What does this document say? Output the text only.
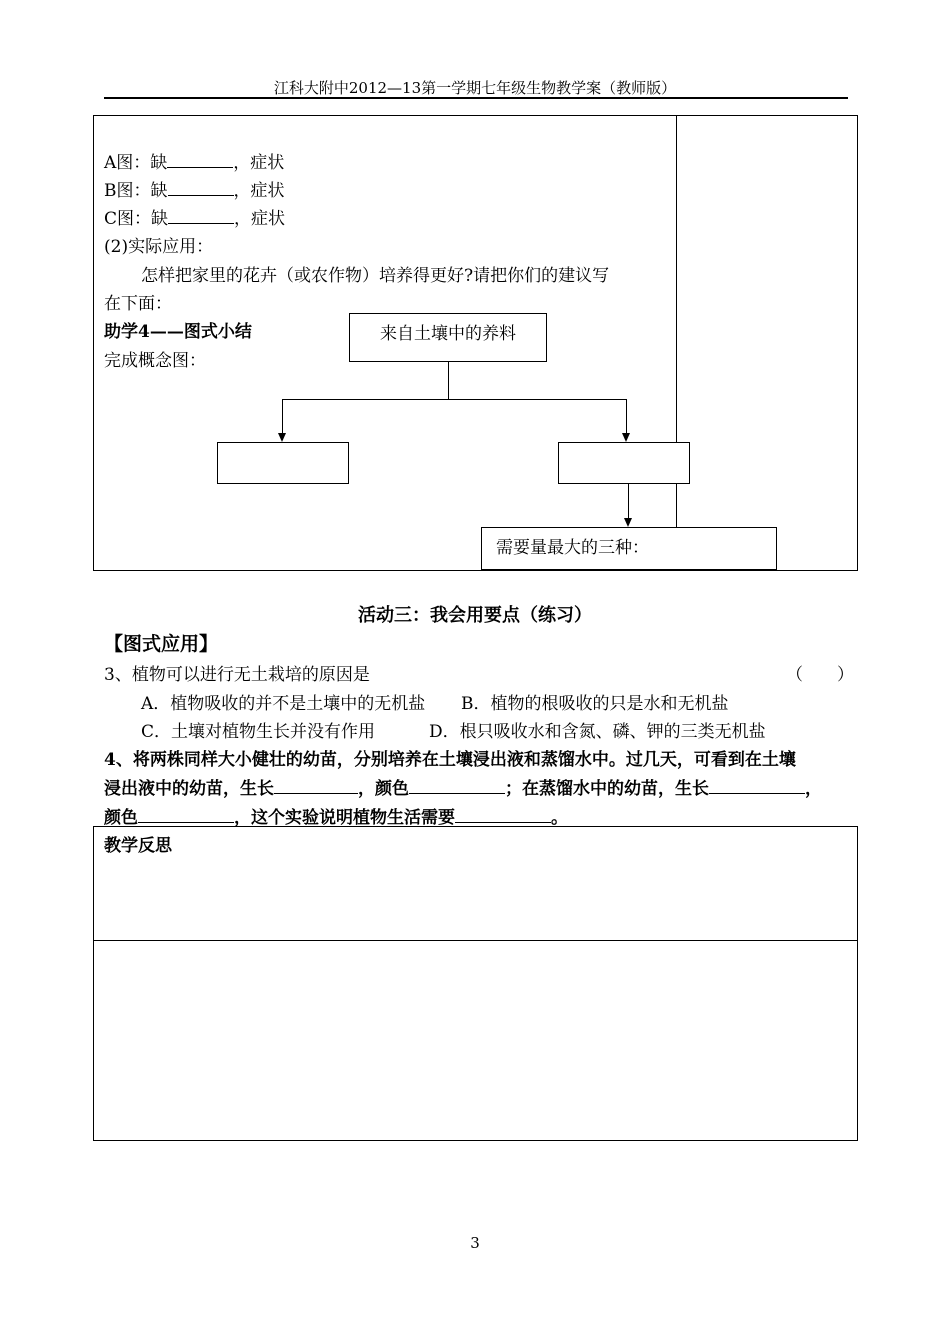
江科大附中2012—13第一学期七年级生物教学案（教师版）
A图：缺	，症状
B图：缺	，症状
C图：缺	，症状
(2)实际应用：
怎样把家里的花卉（或农作物）培养得更好?请把你们的建议写
在下面：
助学4——图式小结
完成概念图：
来自土壤中的养料
需要量最大的三种：
活动三：我会用要点（练习）
【图式应用】
3、植物可以进行无土栽培的原因是	（　　）
A．植物吸收的并不是土壤中的无机盐 B．植物的根吸收的只是水和无机盐
C．土壤对植物生长并没有作用	D．根只吸收水和含氮、磷、钾的三类无机盐
4、将两株同样大小健壮的幼苗，分别培养在土壤浸出液和蒸馏水中。过几天，可看到在土壤
浸出液中的幼苗，生长	，颜色	；在蒸馏水中的幼苗，生长	，
颜色	，这个实验说明植物生活需要	。
教学反思
3
